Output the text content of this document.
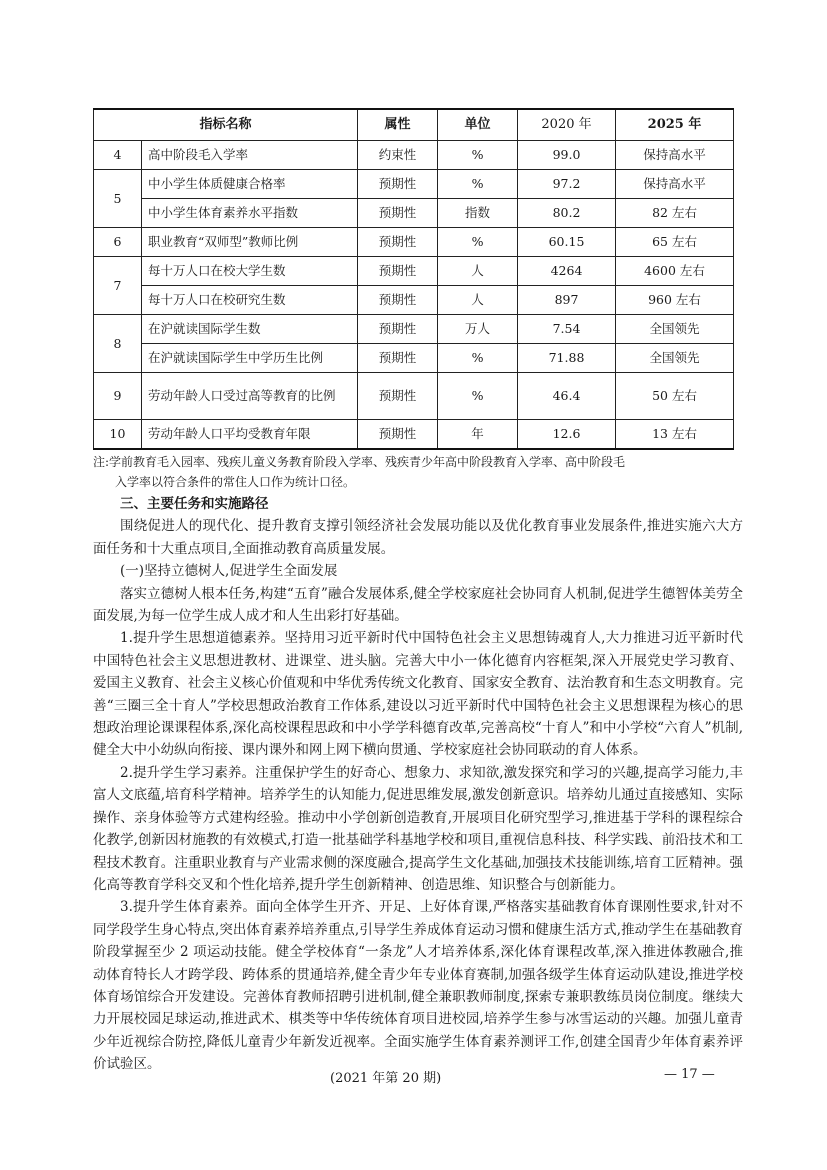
指标名称		属性	单位	2020 年	2025 年
4	高中阶段毛入学率	约束性	%	99.0	保持高水平
5	中小学生体质健康合格率	预期性	%	97.2	保持高水平
	中小学生体育素养水平指数	预期性	指数	80.2	82 左右
6	职业教育“双师型”教师比例	预期性	%	60.15	65 左右
7	每十万人口在校大学生数	预期性	人	4264	4600 左右
	每十万人口在校研究生数	预期性	人	897	960 左右
8	在沪就读国际学生数	预期性	万人	7.54	全国领先
	在沪就读国际学生中学历生比例	预期性	%	71.88	全国领先
9	劳动年龄人口受过高等教育的比例	预期性	%	46.4	50 左右
10	劳动年龄人口平均受教育年限	预期性	年	12.6	13 左右
注:学前教育毛入园率、残疾儿童义务教育阶段入学率、残疾青少年高中阶段教育入学率、高中阶段毛
入学率以符合条件的常住人口作为统计口径。
三、主要任务和实施路径

围绕促进人的现代化、提升教育支撑引领经济社会发展功能以及优化教育事业发展条件,推进实施六大方面任务和十大重点项目,全面推动教育高质量发展。

(一)坚持立德树人,促进学生全面发展

落实立德树人根本任务,构建“五育”融合发展体系,健全学校家庭社会协同育人机制,促进学生德智体美劳全面发展,为每一位学生成人成才和人生出彩打好基础。

1.提升学生思想道德素养。坚持用习近平新时代中国特色社会主义思想铸魂育人,大力推进习近平新时代中国特色社会主义思想进教材、进课堂、进头脑。完善大中小一体化德育内容框架,深入开展党史学习教育、爱国主义教育、社会主义核心价值观和中华优秀传统文化教育、国家安全教育、法治教育和生态文明教育。完善“三圈三全十育人”学校思想政治教育工作体系,建设以习近平新时代中国特色社会主义思想课程为核心的思想政治理论课课程体系,深化高校课程思政和中小学学科德育改革,完善高校“十育人”和中小学校“六育人”机制,健全大中小幼纵向衔接、课内课外和网上网下横向贯通、学校家庭社会协同联动的育人体系。

2.提升学生学习素养。注重保护学生的好奇心、想象力、求知欲,激发探究和学习的兴趣,提高学习能力,丰富人文底蕴,培育科学精神。培养学生的认知能力,促进思维发展,激发创新意识。培养幼儿通过直接感知、实际操作、亲身体验等方式建构经验。推动中小学创新创造教育,开展项目化研究型学习,推进基于学科的课程综合化教学,创新因材施教的有效模式,打造一批基础学科基地学校和项目,重视信息科技、科学实践、前沿技术和工程技术教育。注重职业教育与产业需求侧的深度融合,提高学生文化基础,加强技术技能训练,培育工匠精神。强化高等教育学科交叉和个性化培养,提升学生创新精神、创造思维、知识整合与创新能力。

3.提升学生体育素养。面向全体学生开齐、开足、上好体育课,严格落实基础教育体育课刚性要求,针对不同学段学生身心特点,突出体育素养培养重点,引导学生养成体育运动习惯和健康生活方式,推动学生在基础教育阶段掌握至少 2 项运动技能。健全学校体育“一条龙”人才培养体系,深化体育课程改革,深入推进体教融合,推动体育特长人才跨学段、跨体系的贯通培养,健全青少年专业体育赛制,加强各级学生体育运动队建设,推进学校体育场馆综合开发建设。完善体育教师招聘引进机制,健全兼职教师制度,探索专兼职教练员岗位制度。继续大力开展校园足球运动,推进武术、棋类等中华传统体育项目进校园,培养学生参与冰雪运动的兴趣。加强儿童青少年近视综合防控,降低儿童青少年新发近视率。全面实施学生体育素养测评工作,创建全国青少年体育素养评价试验区。

(2021 年第 20 期)	— 17 —
